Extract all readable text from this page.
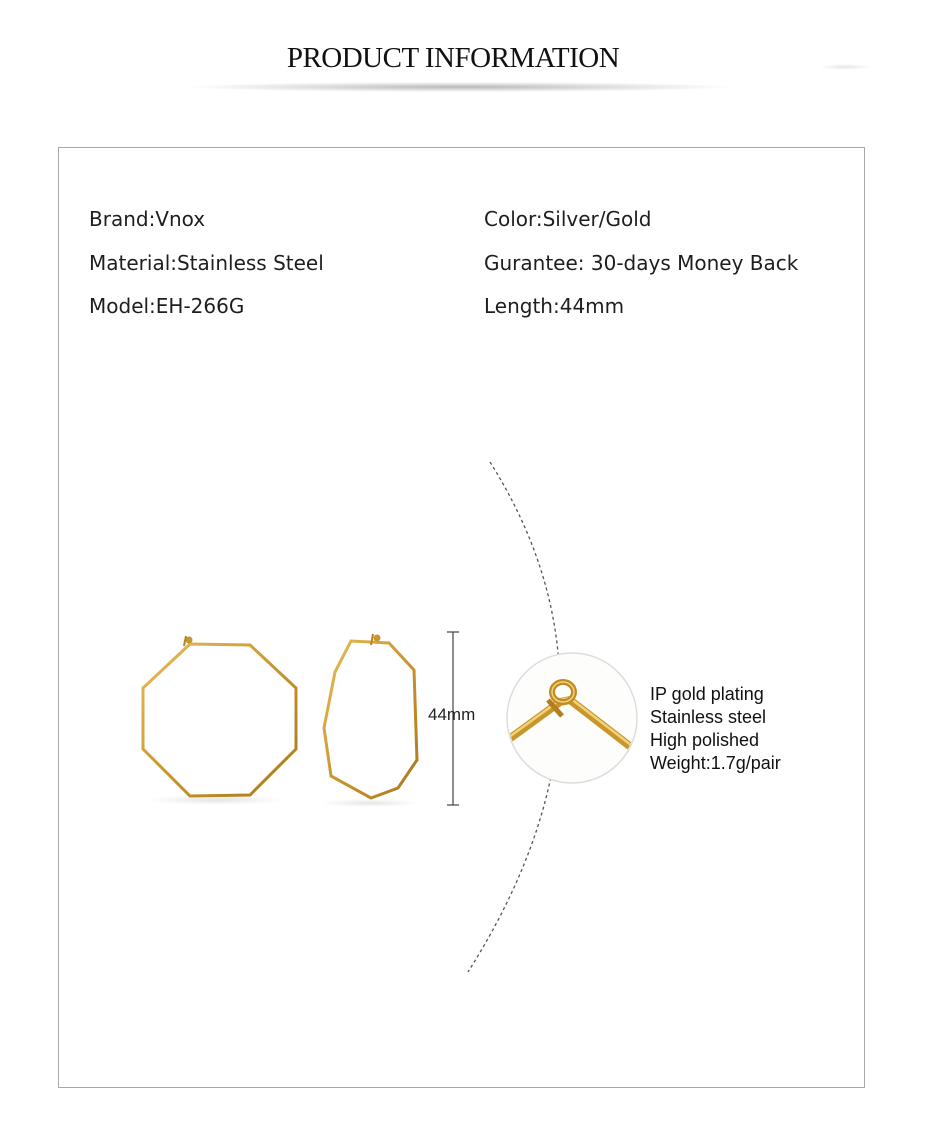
PRODUCT INFORMATION
Brand:Vnox
Material:Stainless Steel
Model:EH-266G
Color:Silver/Gold
Gurantee: 30-days Money Back
Length:44mm
44mm
IP gold plating
Stainless steel
High polished
Weight:1.7g/pair
